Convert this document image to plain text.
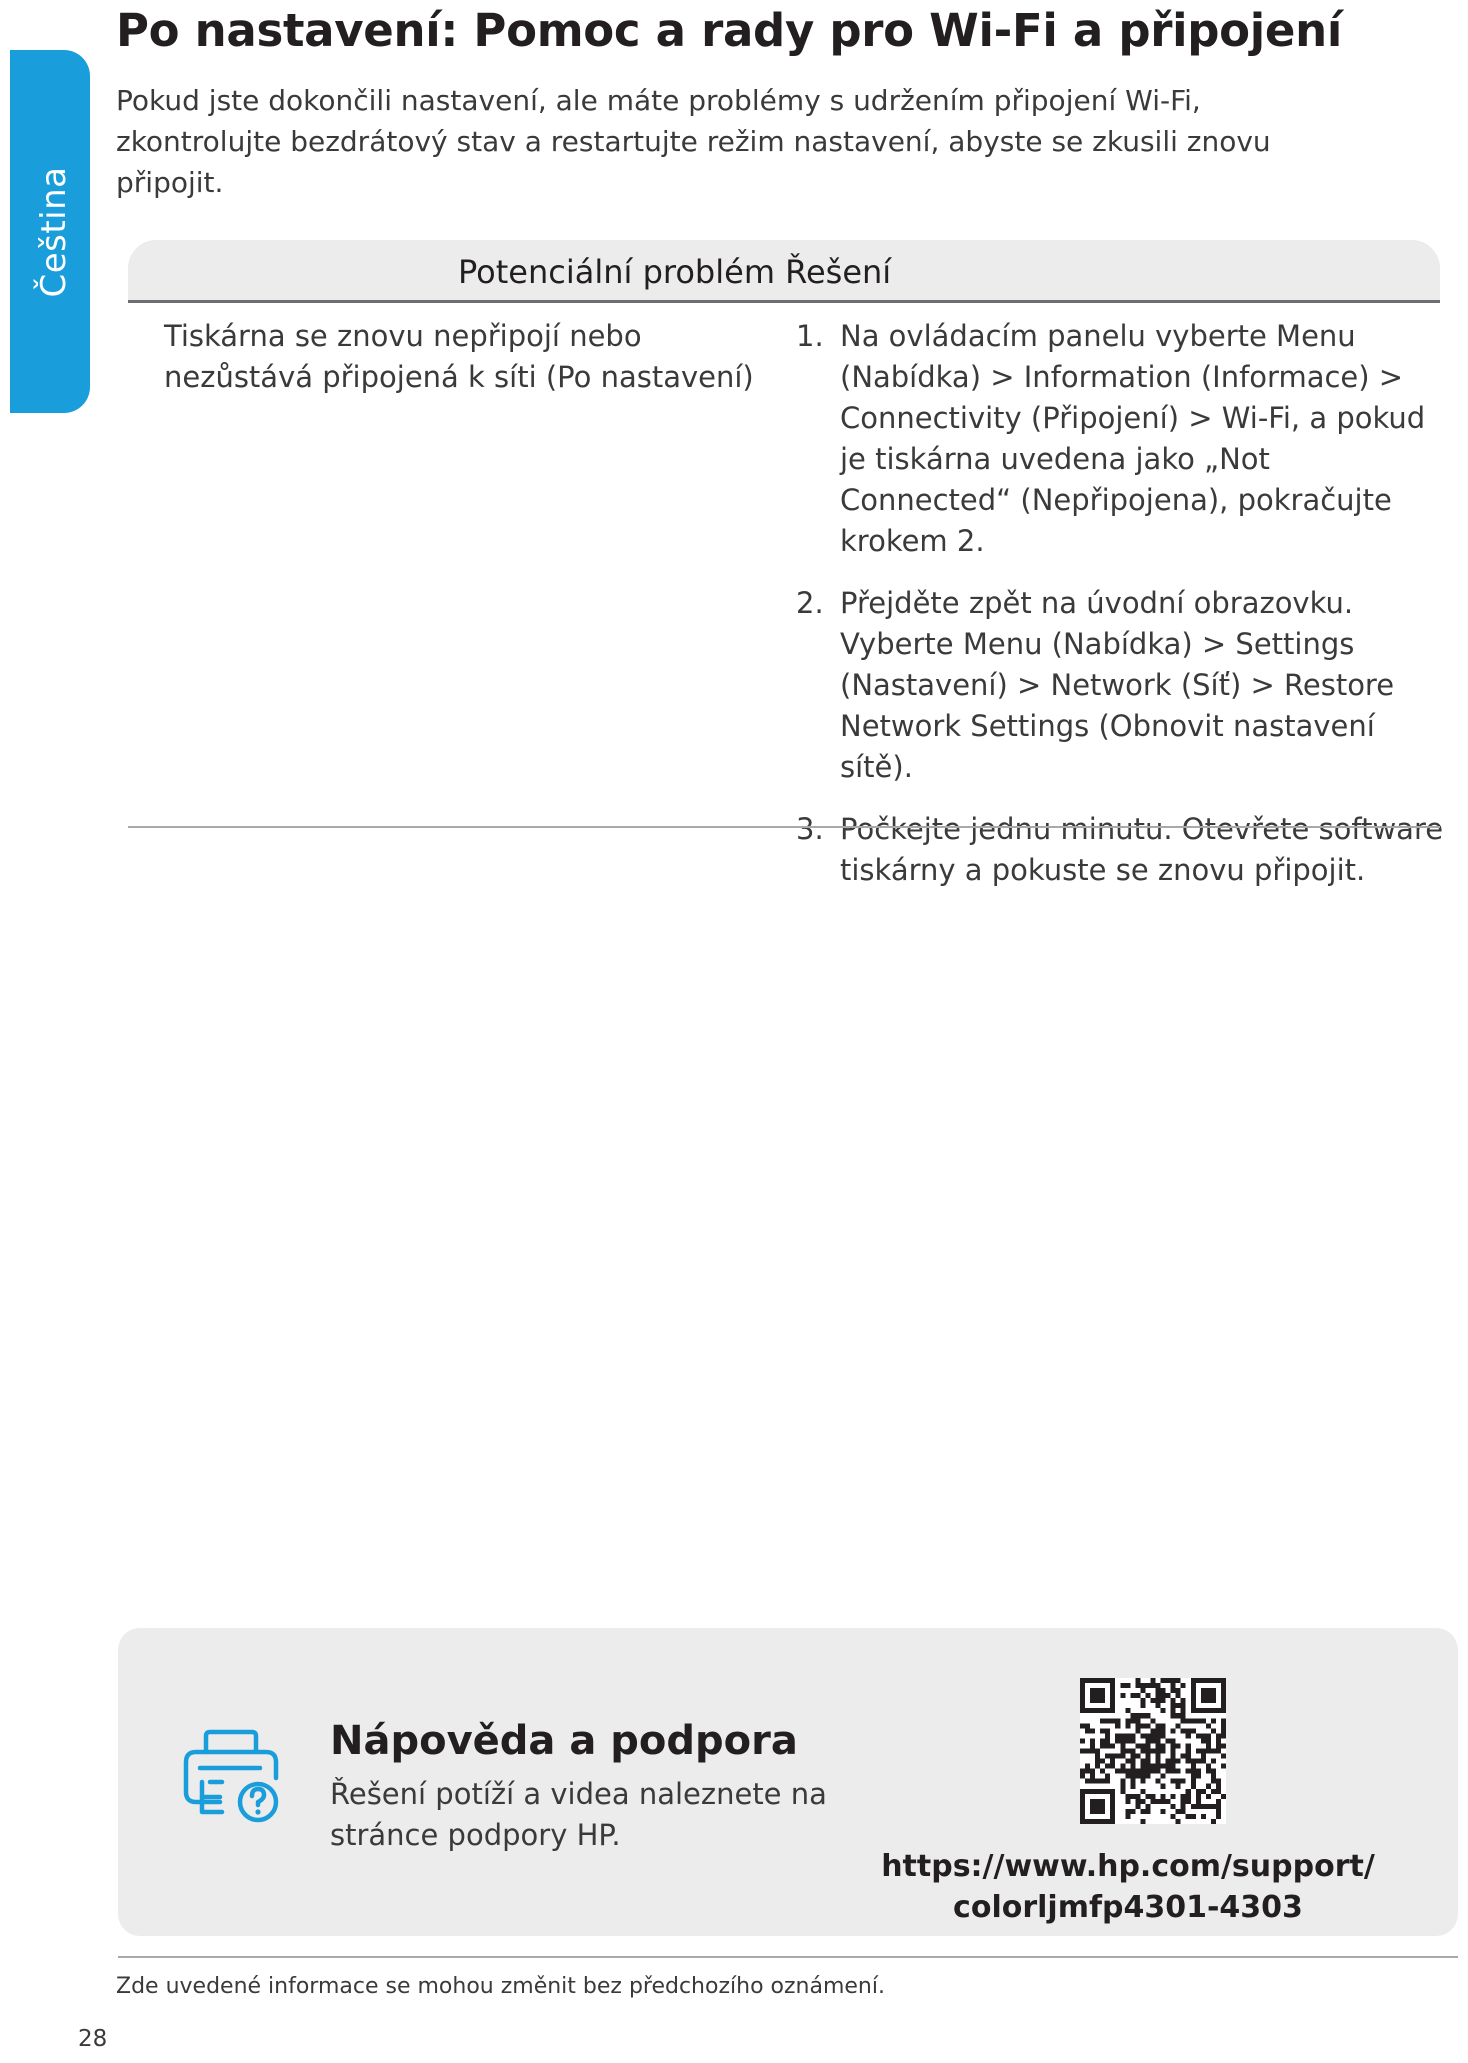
Čeština
Po nastavení: Pomoc a rady pro Wi-Fi a připojení

Pokud jste dokončili nastavení, ale máte problémy s udržením připojení Wi-Fi, zkontrolujte bezdrátový stav a restartujte režim nastavení, abyste se zkusili znovu připojit.

Potenciální problém Řešení

Tiskárna se znovu nepřipojí nebo nezůstává připojená k síti (Po nastavení)

1. Na ovládacím panelu vyberte Menu (Nabídka) > Information (Informace) > Connectivity (Připojení) > Wi-Fi, a pokud je tiskárna uvedena jako „Not Connected“ (Nepřipojena), pokračujte krokem 2.
2. Přejděte zpět na úvodní obrazovku. Vyberte Menu (Nabídka) > Settings (Nastavení) > Network (Síť) > Restore Network Settings (Obnovit nastavení sítě).
3. Počkejte jednu minutu. Otevřete software tiskárny a pokuste se znovu připojit.
Nápověda a podpora

Řešení potíží a videa naleznete na stránce podpory HP.

https://www.hp.com/support/
colorljmfp4301-4303

Zde uvedené informace se mohou změnit bez předchozího oznámení.

28
